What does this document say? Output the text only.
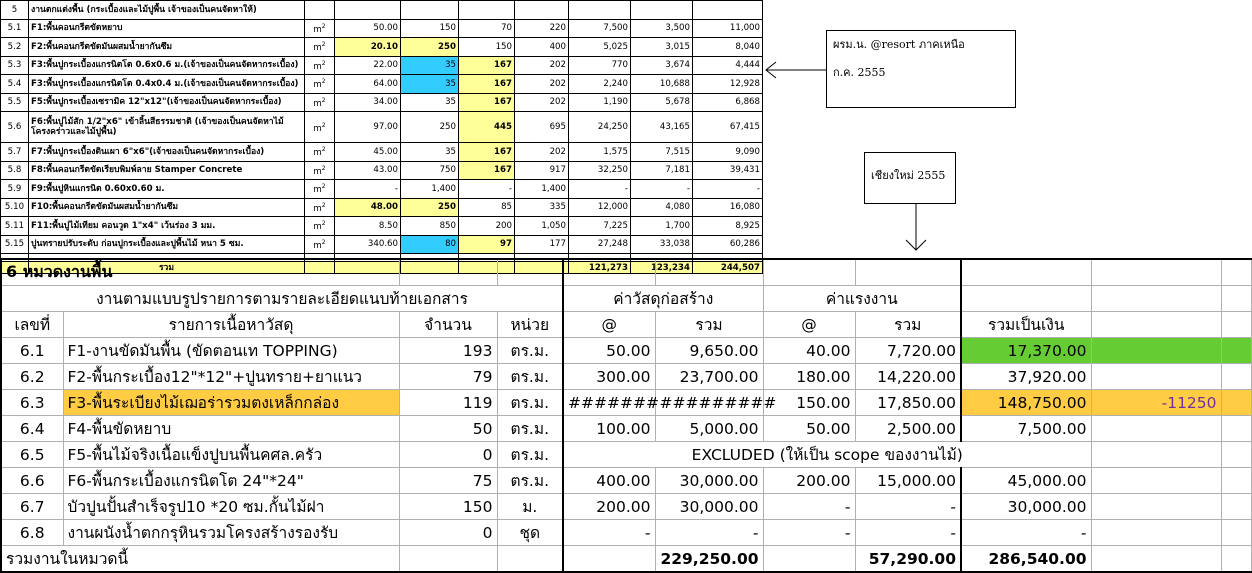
5	งานตกแต่งพื้น (กระเบื้องและไม้ปูพื้น เจ้าของเป็นคนจัดหาให้)								
5.1	F1:พื้นคอนกรีตขัดหยาบ	$m^2$	50.00	150	70	220	7,500	3,500	11,000
5.2	F2:พื้นคอนกรีตขัดมันผสมน้ำยากันซึม	$m^2$	20.10	250	150	400	5,025	3,015	8,040
5.3	F3:พื้นปูกระเบื้องแกรนิตโต 0.6x0.6 ม.(เจ้าของเป็นคนจัดหากระเบื้อง)	$m^2$	22.00	35	167	202	770	3,674	4,444
5.4	F3:พื้นปูกระเบื้องแกรนิตโต 0.4x0.4 ม.(เจ้าของเป็นคนจัดหากระเบื้อง)	$m^2$	64.00	35	167	202	2,240	10,688	12,928
5.5	F5:พื้นปูกระเบื้องเซรามิค 12"x12"(เจ้าของเป็นคนจัดหากระเบื้อง)	$m^2$	34.00	35	167	202	1,190	5,678	6,868
5.6	F6:พื้นปูไม้สัก 1/2"x6" เข้าลิ้นสีธรรมชาติ (เจ้าของเป็นคนจัดหาไม้โครงคร่าวและไม้ปูพื้น)	$m^2$	97.00	250	445	695	24,250	43,165	67,415
5.7	F7:พื้นปูกระเบื้องดินเผา 6"x6"(เจ้าของเป็นคนจัดหากระเบื้อง)	$m^2$	45.00	35	167	202	1,575	7,515	9,090
5.8	F8:พื้นคอนกรีตขัดเรียบพิมพ์ลาย Stamper Concrete	$m^2$	43.00	750	167	917	32,250	7,181	39,431
5.9	F9:พื้นปูหินแกรนิต 0.60x0.60 ม.	$m^2$	-	1,400	-	1,400	-	-	-
5.10	F10:พื้นคอนกรีตขัดมันผสมน้ำยากันซึม	$m^2$	48.00	250	85	335	12,000	4,080	16,080
5.11	F11:พื้นปูไม้เทียม คอนวูด 1"x4" เว้นร่อง 3 มม.	$m^2$	8.50	850	200	1,050	7,225	1,700	8,925
5.15	ปูนทรายปรับระดับ ก่อนปูกระเบื้องและปูพื้นไม้ หนา 5 ซม.	$m^2$	340.60	80	97	177	27,248	33,038	60,286

	รวม						121,273	123,234	244,507
ผรม.น. @resort ภาคเหนือ
ก.ค. 2555
เชียงใหม่ 2555
6 หมวดงานพื้น										
งานตามแบบรูปรายการตามรายละเอียดแนบท้ายเอกสาร				ค่าวัสดุก่อสร้าง		ค่าแรงงาน				
เลขที่	รายการเนื้อหาวัสดุ	จำนวน	หน่วย	@	รวม	@	รวม	รวมเป็นเงิน		
6.1	F1-งานขัดมันพื้น (ขัดตอนเท TOPPING)	193	ตร.ม.	50.00	9,650.00	40.00	7,720.00	17,370.00		
6.2	F2-พื้นกระเบื้อง12"*12"+ปูนทราย+ยาแนว	79	ตร.ม.	300.00	23,700.00	180.00	14,220.00	37,920.00		
6.3	F3-พื้นระเบียงไม้เฌอร่ารวมตงเหล็กกล่อง	119	ตร.ม.	#######	#########	150.00	17,850.00	148,750.00	-11250	
6.4	F4-พื้นขัดหยาบ	50	ตร.ม.	100.00	5,000.00	50.00	2,500.00	7,500.00		
6.5	F5-พื้นไม้จริงเนื้อแข็งปูบนพื้นคศล.ครัว	0	ตร.ม.	EXCLUDED (ให้เป็น scope ของงานไม้)						
6.6	F6-พื้นกระเบื้องแกรนิตโต 24"*24"	75	ตร.ม.	400.00	30,000.00	200.00	15,000.00	45,000.00		
6.7	บัวปูนปั้นสำเร็จรูป10 *20 ซม.กั้นไม้ฝา	150	ม.	200.00	30,000.00	-	-	30,000.00		
6.8	งานผนังน้ำตกกรุหินรวมโครงสร้างรองรับ	0	ชุด	-	-	-	-	-		
รวมงานในหมวดนี้					229,250.00		57,290.00	286,540.00		
